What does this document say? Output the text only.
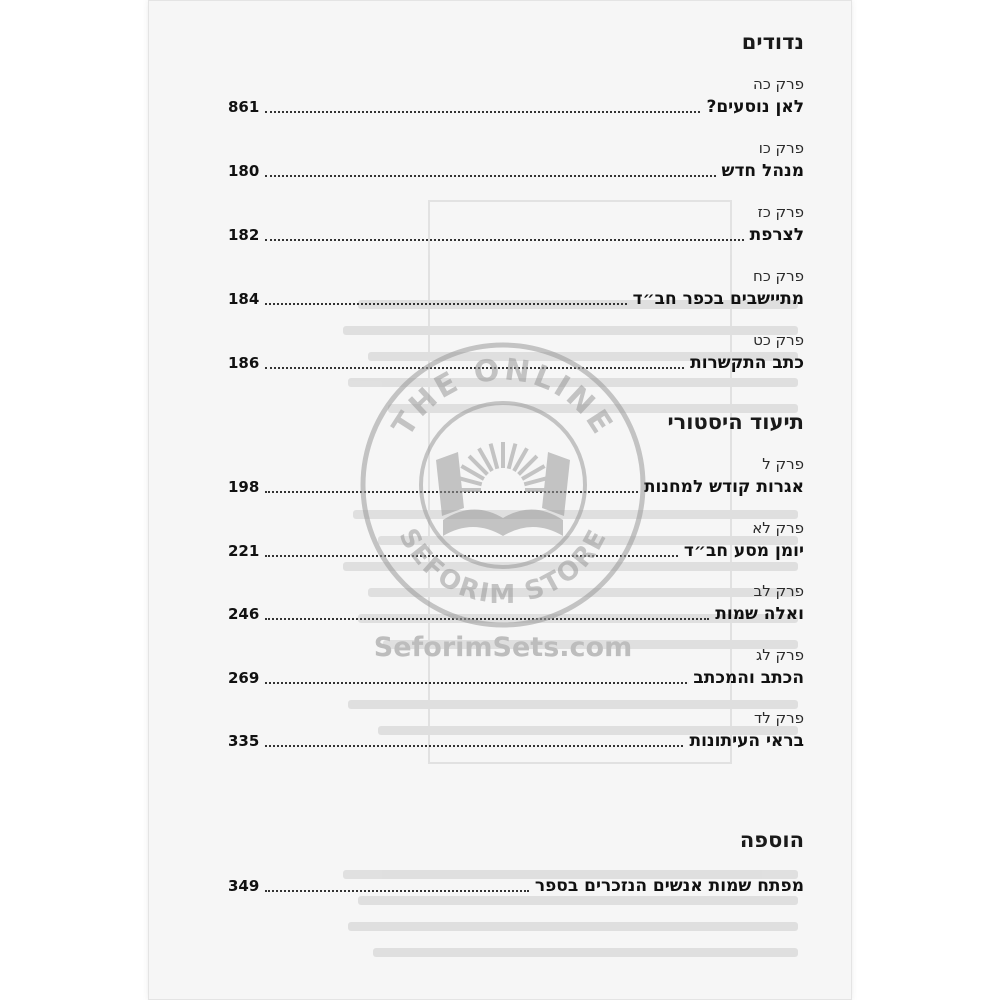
נדודים
פרק כה
לאן נוסעים?
861
פרק כו
מנהל חדש
180
פרק כז
לצרפת
182
פרק כח
מתיישבים בכפר חב״ד
184
פרק כט
כתב התקשרות
186
תיעוד היסטורי
פרק ל
אגרות קודש למחנות
198
פרק לא
יומן מסע חב״ד
221
פרק לב
ואלה שמות
246
פרק לג
הכתב והמכתב
269
פרק לד
בראי העיתונות
335
הוספה
מפתח שמות אנשים הנזכרים בספר
349
THE ONLINE
SEFORIM STORE
SeforimSets.com
